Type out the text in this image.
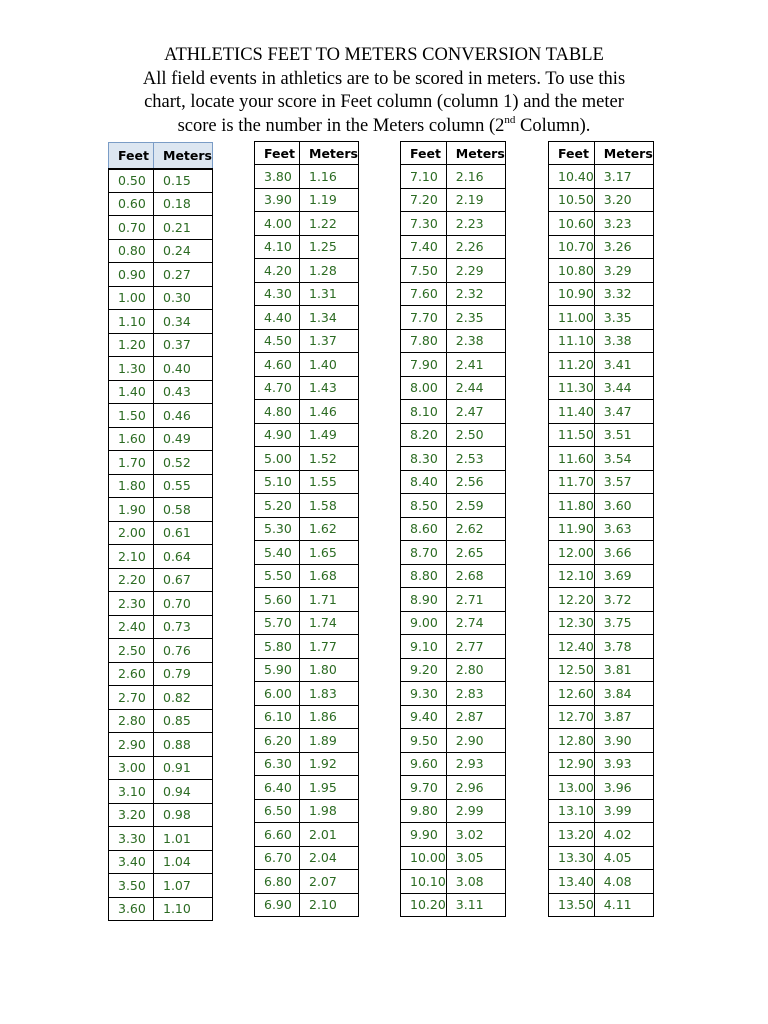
ATHLETICS FEET TO METERS CONVERSION TABLE
All field events in athletics are to be scored in meters. To use this
chart, locate your score in Feet column (column 1) and the meter
score is the number in the Meters column (2nd Column).
Feet	Meters
0.50	0.15
0.60	0.18
0.70	0.21
0.80	0.24
0.90	0.27
1.00	0.30
1.10	0.34
1.20	0.37
1.30	0.40
1.40	0.43
1.50	0.46
1.60	0.49
1.70	0.52
1.80	0.55
1.90	0.58
2.00	0.61
2.10	0.64
2.20	0.67
2.30	0.70
2.40	0.73
2.50	0.76
2.60	0.79
2.70	0.82
2.80	0.85
2.90	0.88
3.00	0.91
3.10	0.94
3.20	0.98
3.30	1.01
3.40	1.04
3.50	1.07
3.60	1.10
Feet	Meters
3.80	1.16
3.90	1.19
4.00	1.22
4.10	1.25
4.20	1.28
4.30	1.31
4.40	1.34
4.50	1.37
4.60	1.40
4.70	1.43
4.80	1.46
4.90	1.49
5.00	1.52
5.10	1.55
5.20	1.58
5.30	1.62
5.40	1.65
5.50	1.68
5.60	1.71
5.70	1.74
5.80	1.77
5.90	1.80
6.00	1.83
6.10	1.86
6.20	1.89
6.30	1.92
6.40	1.95
6.50	1.98
6.60	2.01
6.70	2.04
6.80	2.07
6.90	2.10
Feet	Meters
7.10	2.16
7.20	2.19
7.30	2.23
7.40	2.26
7.50	2.29
7.60	2.32
7.70	2.35
7.80	2.38
7.90	2.41
8.00	2.44
8.10	2.47
8.20	2.50
8.30	2.53
8.40	2.56
8.50	2.59
8.60	2.62
8.70	2.65
8.80	2.68
8.90	2.71
9.00	2.74
9.10	2.77
9.20	2.80
9.30	2.83
9.40	2.87
9.50	2.90
9.60	2.93
9.70	2.96
9.80	2.99
9.90	3.02
10.00	3.05
10.10	3.08
10.20	3.11
Feet	Meters
10.40	3.17
10.50	3.20
10.60	3.23
10.70	3.26
10.80	3.29
10.90	3.32
11.00	3.35
11.10	3.38
11.20	3.41
11.30	3.44
11.40	3.47
11.50	3.51
11.60	3.54
11.70	3.57
11.80	3.60
11.90	3.63
12.00	3.66
12.10	3.69
12.20	3.72
12.30	3.75
12.40	3.78
12.50	3.81
12.60	3.84
12.70	3.87
12.80	3.90
12.90	3.93
13.00	3.96
13.10	3.99
13.20	4.02
13.30	4.05
13.40	4.08
13.50	4.11
